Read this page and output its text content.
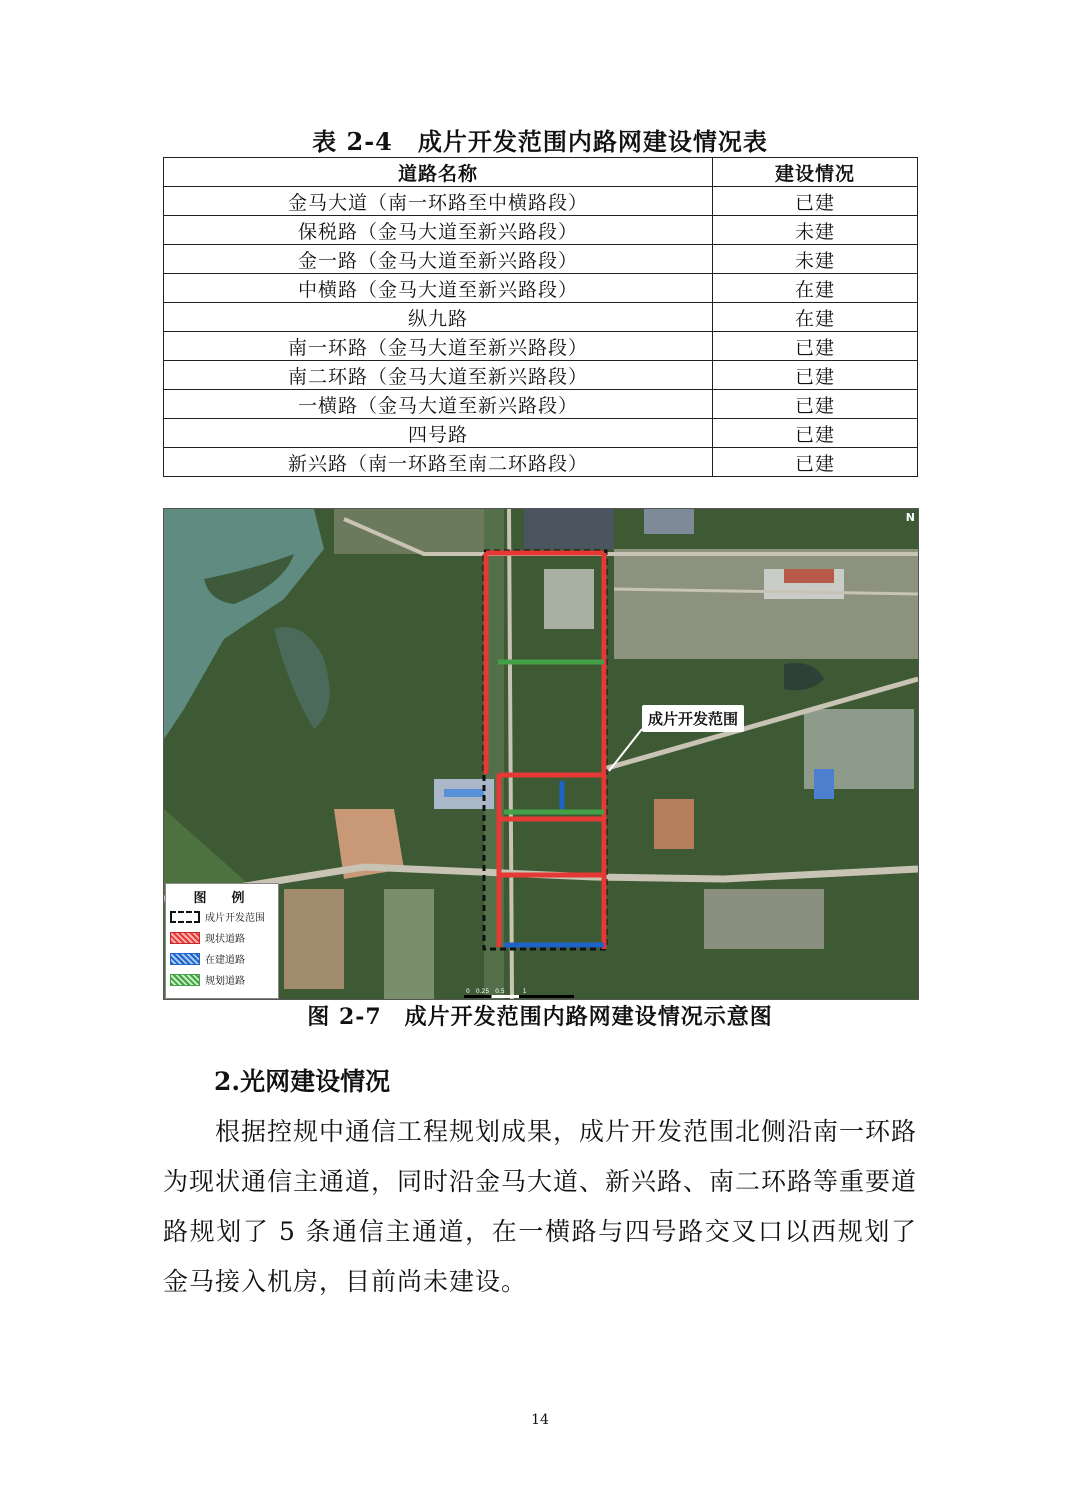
表 2-4　成片开发范围内路网建设情况表
道路名称	建设情况
金马大道（南一环路至中横路段）	已建
保税路（金马大道至新兴路段）	未建
金一路（金马大道至新兴路段）	未建
中横路（金马大道至新兴路段）	在建
纵九路	在建
南一环路（金马大道至新兴路段）	已建
南二环路（金马大道至新兴路段）	已建
一横路（金马大道至新兴路段）	已建
四号路	已建
新兴路（南一环路至南二环路段）	已建
成片开发范围
N
0　0.25　0.5　　　1
图　例
成片开发范围
现状道路
在建道路
规划道路
图 2-7　成片开发范围内路网建设情况示意图
2.光网建设情况

根据控规中通信工程规划成果，成片开发范围北侧沿南一环路为现状通信主通道，同时沿金马大道、新兴路、南二环路等重要道路规划了 5 条通信主通道，在一横路与四号路交叉口以西规划了金马接入机房，目前尚未建设。

14
